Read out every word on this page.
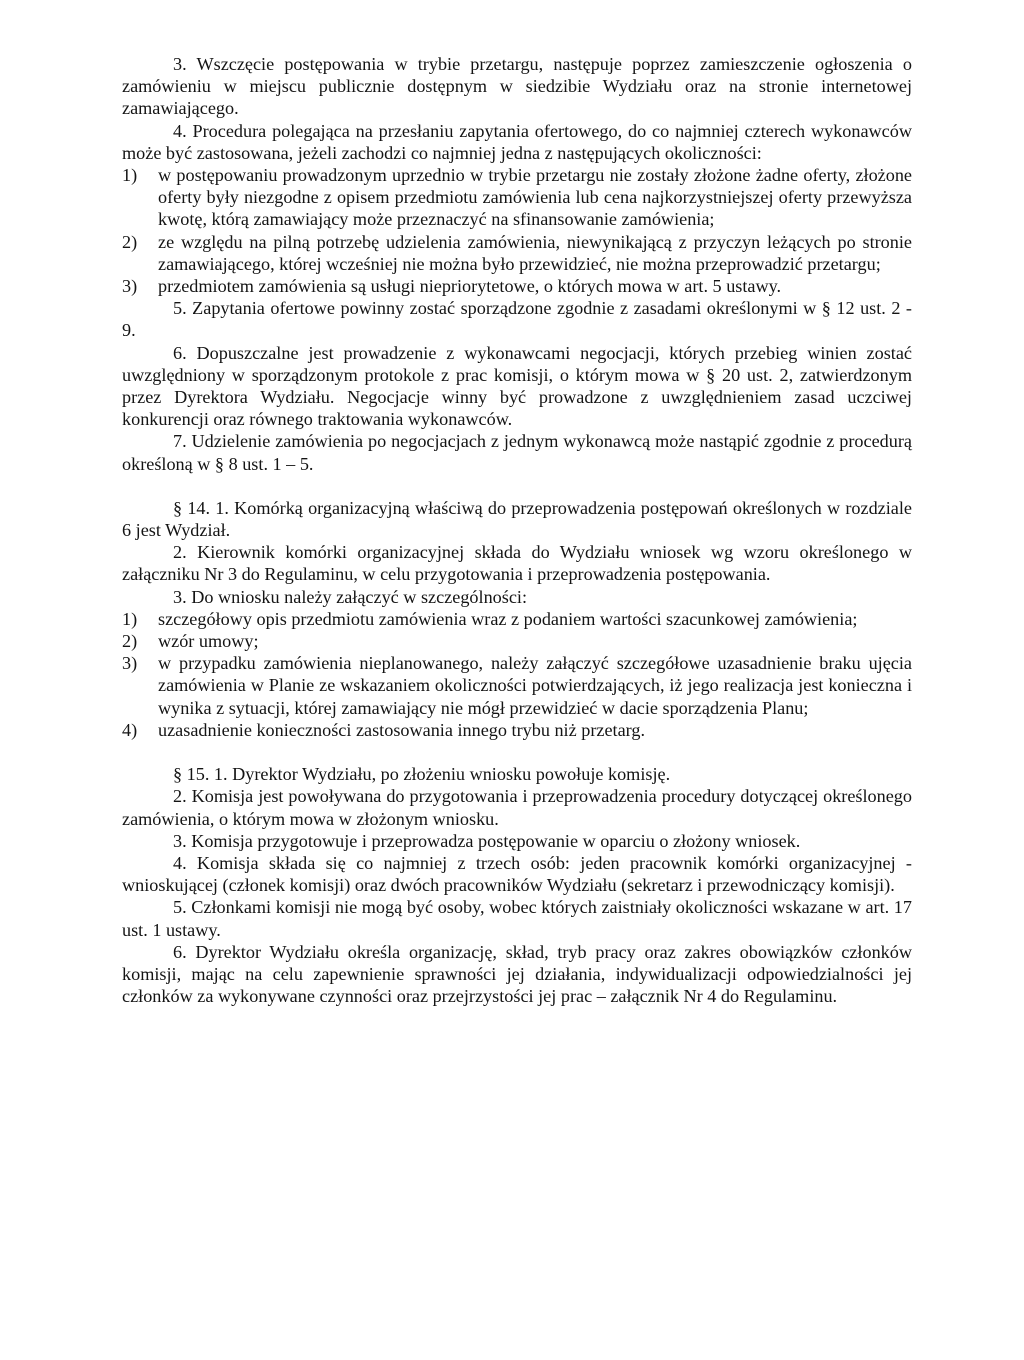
3. Wszczęcie postępowania w trybie przetargu, następuje poprzez zamieszczenie ogłoszenia o zamówieniu w miejscu publicznie dostępnym w siedzibie Wydziału oraz na stronie internetowej zamawiającego.

4. Procedura polegająca na przesłaniu zapytania ofertowego, do co najmniej czterech wykonawców może być zastosowana, jeżeli zachodzi co najmniej jedna z następujących okoliczności:

1)	w postępowaniu prowadzonym uprzednio w trybie przetargu nie zostały złożone żadne oferty, złożone oferty były niezgodne z opisem przedmiotu zamówienia lub cena najkorzystniejszej oferty przewyższa kwotę, którą zamawiający może przeznaczyć na sfinansowanie zamówienia;
2)	ze względu na pilną potrzebę udzielenia zamówienia, niewynikającą z przyczyn leżących po stronie zamawiającego, której wcześniej nie można było przewidzieć, nie można przeprowadzić przetargu;
3)	przedmiotem zamówienia są usługi niepriorytetowe, o których mowa w art. 5 ustawy.

5. Zapytania ofertowe powinny zostać sporządzone zgodnie z zasadami określonymi w § 12 ust. 2 - 9.

6. Dopuszczalne jest prowadzenie z wykonawcami negocjacji, których przebieg winien zostać uwzględniony w sporządzonym protokole z prac komisji, o którym mowa w § 20 ust. 2, zatwierdzonym przez Dyrektora Wydziału. Negocjacje winny być prowadzone z uwzględnieniem zasad uczciwej konkurencji oraz równego traktowania wykonawców.

7. Udzielenie zamówienia po negocjacjach z jednym wykonawcą może nastąpić zgodnie z procedurą określoną w § 8 ust. 1 – 5.

§ 14. 1. Komórką organizacyjną właściwą do przeprowadzenia postępowań określonych w rozdziale 6 jest Wydział.

2. Kierownik komórki organizacyjnej składa do Wydziału wniosek wg wzoru określonego w załączniku Nr 3 do Regulaminu, w celu przygotowania i przeprowadzenia postępowania.

3. Do wniosku należy załączyć w szczególności:

1)	szczegółowy opis przedmiotu zamówienia wraz z podaniem wartości szacunkowej zamówienia;
2)	wzór umowy;
3)	w przypadku zamówienia nieplanowanego, należy załączyć szczegółowe uzasadnienie braku ujęcia zamówienia w Planie ze wskazaniem okoliczności potwierdzających, iż jego realizacja jest konieczna i wynika z sytuacji, której zamawiający nie mógł przewidzieć w dacie sporządzenia Planu;
4)	uzasadnienie konieczności zastosowania innego trybu niż przetarg.

§ 15. 1. Dyrektor Wydziału, po złożeniu wniosku powołuje komisję.

2. Komisja jest powoływana do przygotowania i przeprowadzenia procedury dotyczącej określonego zamówienia, o którym mowa w złożonym wniosku.

3. Komisja przygotowuje i przeprowadza postępowanie w oparciu o złożony wniosek.

4. Komisja składa się co najmniej z trzech osób: jeden pracownik komórki organizacyjnej - wnioskującej (członek komisji) oraz dwóch pracowników Wydziału (sekretarz i przewodniczący komisji).

5. Członkami komisji nie mogą być osoby, wobec których zaistniały okoliczności wskazane w art. 17 ust. 1 ustawy.

6. Dyrektor Wydziału określa organizację, skład, tryb pracy oraz zakres obowiązków członków komisji, mając na celu zapewnienie sprawności jej działania, indywidualizacji odpowiedzialności jej członków za wykonywane czynności oraz przejrzystości jej prac – załącznik Nr 4 do Regulaminu.
